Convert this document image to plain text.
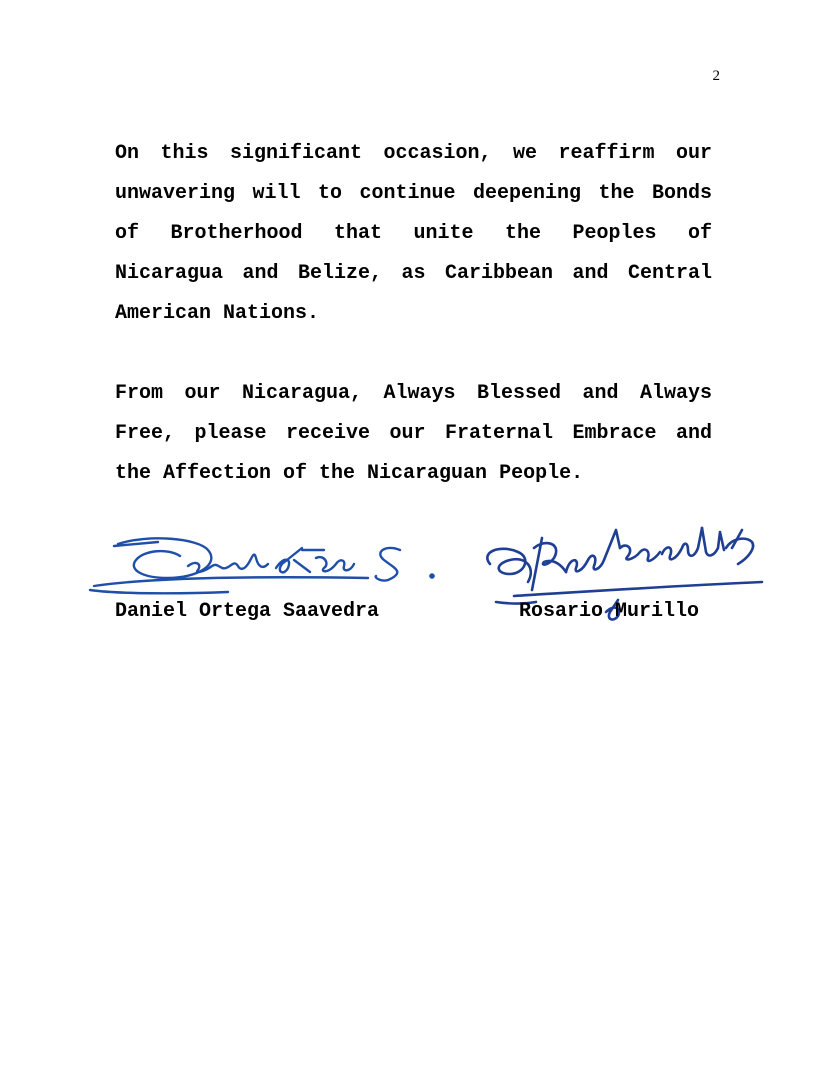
2

On this significant occasion, we reaffirm our unwavering will to continue deepening the Bonds of Brotherhood that unite the Peoples of Nicaragua and Belize, as Caribbean and Central American Nations.

From our Nicaragua, Always Blessed and Always Free, please receive our Fraternal Embrace and the Affection of the Nicaraguan People.

Daniel Ortega Saavedra	Rosario Murillo
